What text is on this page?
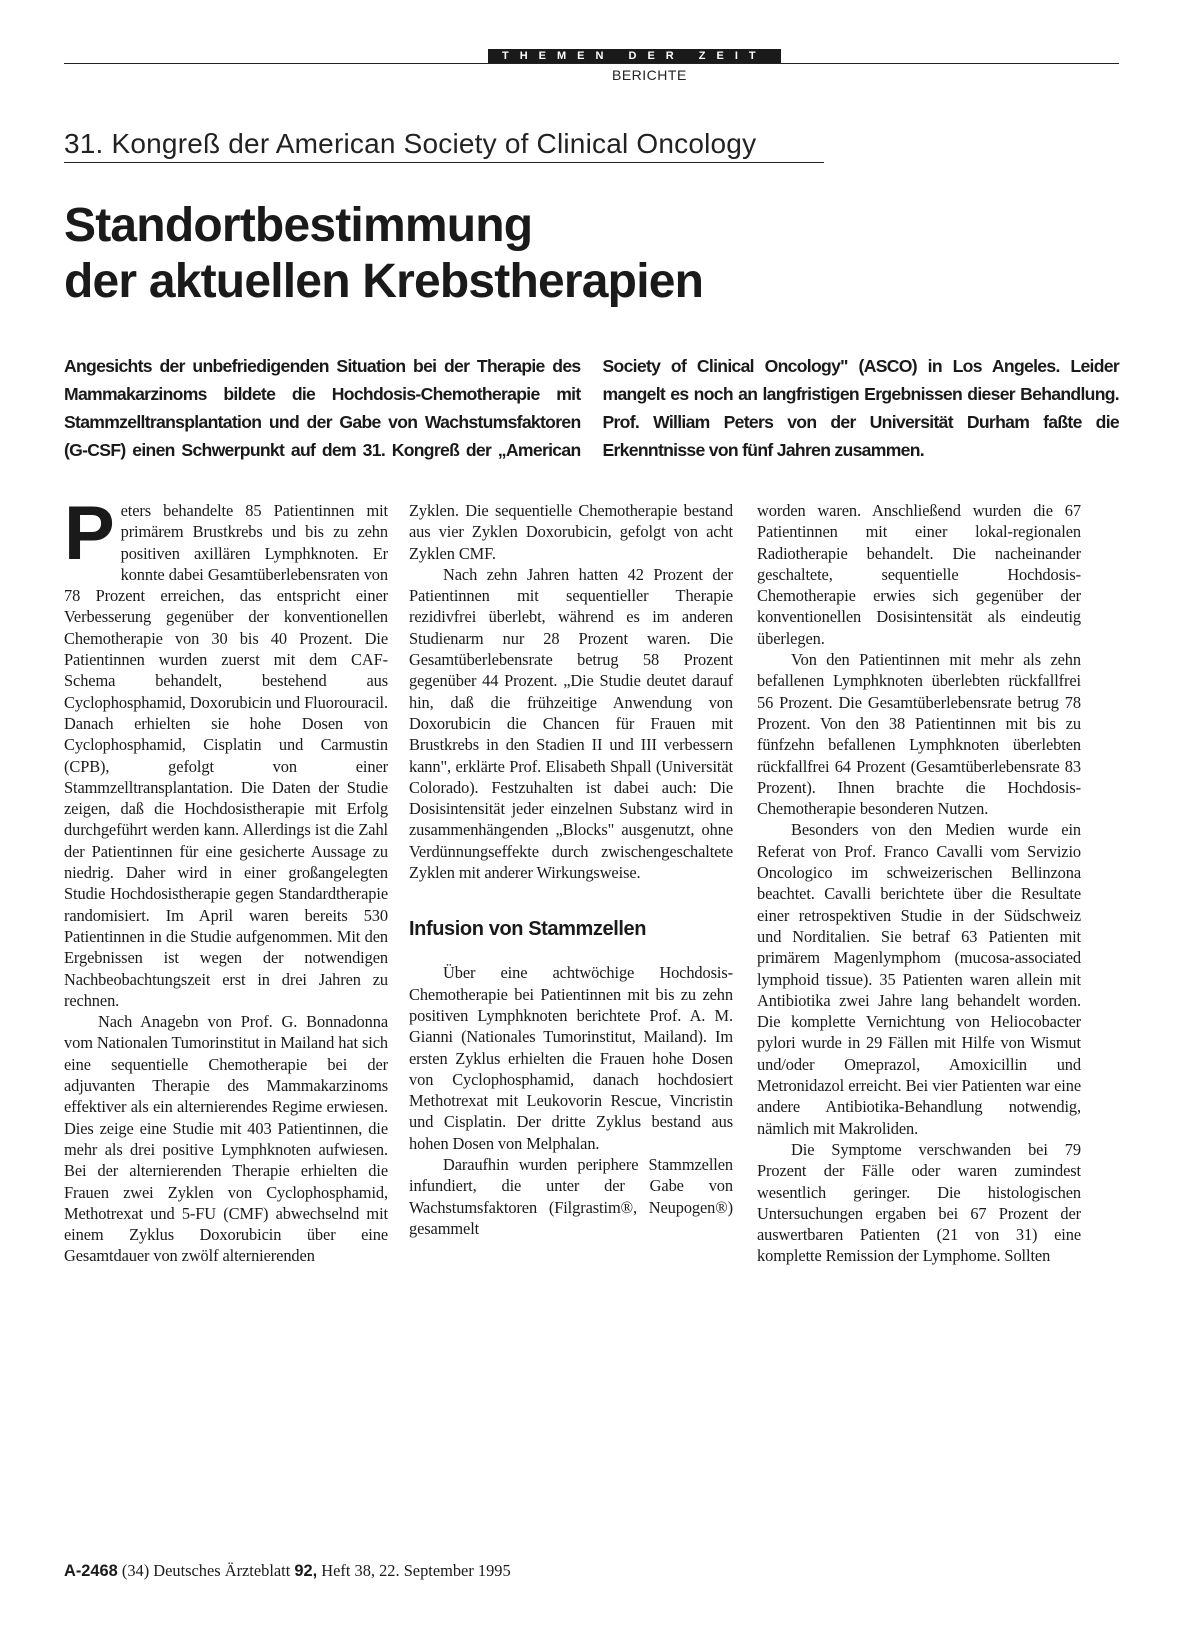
THEMEN DER ZEIT
BERICHTE
31. Kongreß der American Society of Clinical Oncology
Standortbestimmung
der aktuellen Krebstherapien

Angesichts der unbefriedigenden Situation bei der Therapie des Mammakarzinoms bildete die Hochdosis-Chemotherapie mit Stammzelltransplantation und der Gabe von Wachstumsfaktoren (G-CSF) einen Schwerpunkt auf dem 31. Kongreß der „American Society of Clinical Oncology" (ASCO) in Los Angeles. Leider mangelt es noch an langfristigen Ergebnissen dieser Behandlung. Prof. William Peters von der Universität Durham faßte die Erkenntnisse von fünf Jahren zusammen.

Peters behandelte 85 Patientinnen mit primärem Brustkrebs und bis zu zehn positiven axillären Lymphknoten. Er konnte dabei Gesamtüberlebensraten von 78 Prozent erreichen, das entspricht einer Verbesserung gegenüber der konventionellen Chemotherapie von 30 bis 40 Prozent. Die Patientinnen wurden zuerst mit dem CAF-Schema behandelt, bestehend aus Cyclophosphamid, Doxorubicin und Fluorouracil. Danach erhielten sie hohe Dosen von Cyclophosphamid, Cisplatin und Carmustin (CPB), gefolgt von einer Stammzelltransplantation. Die Daten der Studie zeigen, daß die Hochdosistherapie mit Erfolg durchgeführt werden kann. Allerdings ist die Zahl der Patientinnen für eine gesicherte Aussage zu niedrig. Daher wird in einer großangelegten Studie Hochdosistherapie gegen Standardtherapie randomisiert. Im April waren bereits 530 Patientinnen in die Studie aufgenommen. Mit den Ergebnissen ist wegen der notwendigen Nachbeobachtungszeit erst in drei Jahren zu rechnen.

Nach Anagebn von Prof. G. Bonnadonna vom Nationalen Tumorinstitut in Mailand hat sich eine sequentielle Chemotherapie bei der adjuvanten Therapie des Mammakarzinoms effektiver als ein alternierendes Regime erwiesen. Dies zeige eine Studie mit 403 Patientinnen, die mehr als drei positive Lymphknoten aufwiesen. Bei der alternierenden Therapie erhielten die Frauen zwei Zyklen von Cyclophosphamid, Methotrexat und 5-FU (CMF) abwechselnd mit einem Zyklus Doxorubicin über eine Gesamtdauer von zwölf alternierenden

Zyklen. Die sequentielle Chemotherapie bestand aus vier Zyklen Doxorubicin, gefolgt von acht Zyklen CMF.

Nach zehn Jahren hatten 42 Prozent der Patientinnen mit sequentieller Therapie rezidivfrei überlebt, während es im anderen Studienarm nur 28 Prozent waren. Die Gesamtüberlebensrate betrug 58 Prozent gegenüber 44 Prozent. „Die Studie deutet darauf hin, daß die frühzeitige Anwendung von Doxorubicin die Chancen für Frauen mit Brustkrebs in den Stadien II und III verbessern kann", erklärte Prof. Elisabeth Shpall (Universität Colorado). Festzuhalten ist dabei auch: Die Dosisintensität jeder einzelnen Substanz wird in zusammenhängenden „Blocks" ausgenutzt, ohne Verdünnungseffekte durch zwischengeschaltete Zyklen mit anderer Wirkungsweise.

Infusion von Stammzellen

Über eine achtwöchige Hochdosis-Chemotherapie bei Patientinnen mit bis zu zehn positiven Lymphknoten berichtete Prof. A. M. Gianni (Nationales Tumorinstitut, Mailand). Im ersten Zyklus erhielten die Frauen hohe Dosen von Cyclophosphamid, danach hochdosiert Methotrexat mit Leukovorin Rescue, Vincristin und Cisplatin. Der dritte Zyklus bestand aus hohen Dosen von Melphalan.

Daraufhin wurden periphere Stammzellen infundiert, die unter der Gabe von Wachstumsfaktoren (Filgrastim®, Neupogen®) gesammelt

worden waren. Anschließend wurden die 67 Patientinnen mit einer lokal-regionalen Radiotherapie behandelt. Die nacheinander geschaltete, sequentielle Hochdosis-Chemotherapie erwies sich gegenüber der konventionellen Dosisintensität als eindeutig überlegen.

Von den Patientinnen mit mehr als zehn befallenen Lymphknoten überlebten rückfallfrei 56 Prozent. Die Gesamtüberlebensrate betrug 78 Prozent. Von den 38 Patientinnen mit bis zu fünfzehn befallenen Lymphknoten überlebten rückfallfrei 64 Prozent (Gesamtüberlebensrate 83 Prozent). Ihnen brachte die Hochdosis-Chemotherapie besonderen Nutzen.

Besonders von den Medien wurde ein Referat von Prof. Franco Cavalli vom Servizio Oncologico im schweizerischen Bellinzona beachtet. Cavalli berichtete über die Resultate einer retrospektiven Studie in der Südschweiz und Norditalien. Sie betraf 63 Patienten mit primärem Magenlymphom (mucosa-associated lymphoid tissue). 35 Patienten waren allein mit Antibiotika zwei Jahre lang behandelt worden. Die komplette Vernichtung von Heliocobacter pylori wurde in 29 Fällen mit Hilfe von Wismut und/oder Omeprazol, Amoxicillin und Metronidazol erreicht. Bei vier Patienten war eine andere Antibiotika-Behandlung notwendig, nämlich mit Makroliden.

Die Symptome verschwanden bei 79 Prozent der Fälle oder waren zumindest wesentlich geringer. Die histologischen Untersuchungen ergaben bei 67 Prozent der auswertbaren Patienten (21 von 31) eine komplette Remission der Lymphome. Sollten

A-2468 (34) Deutsches Ärzteblatt 92, Heft 38, 22. September 1995
